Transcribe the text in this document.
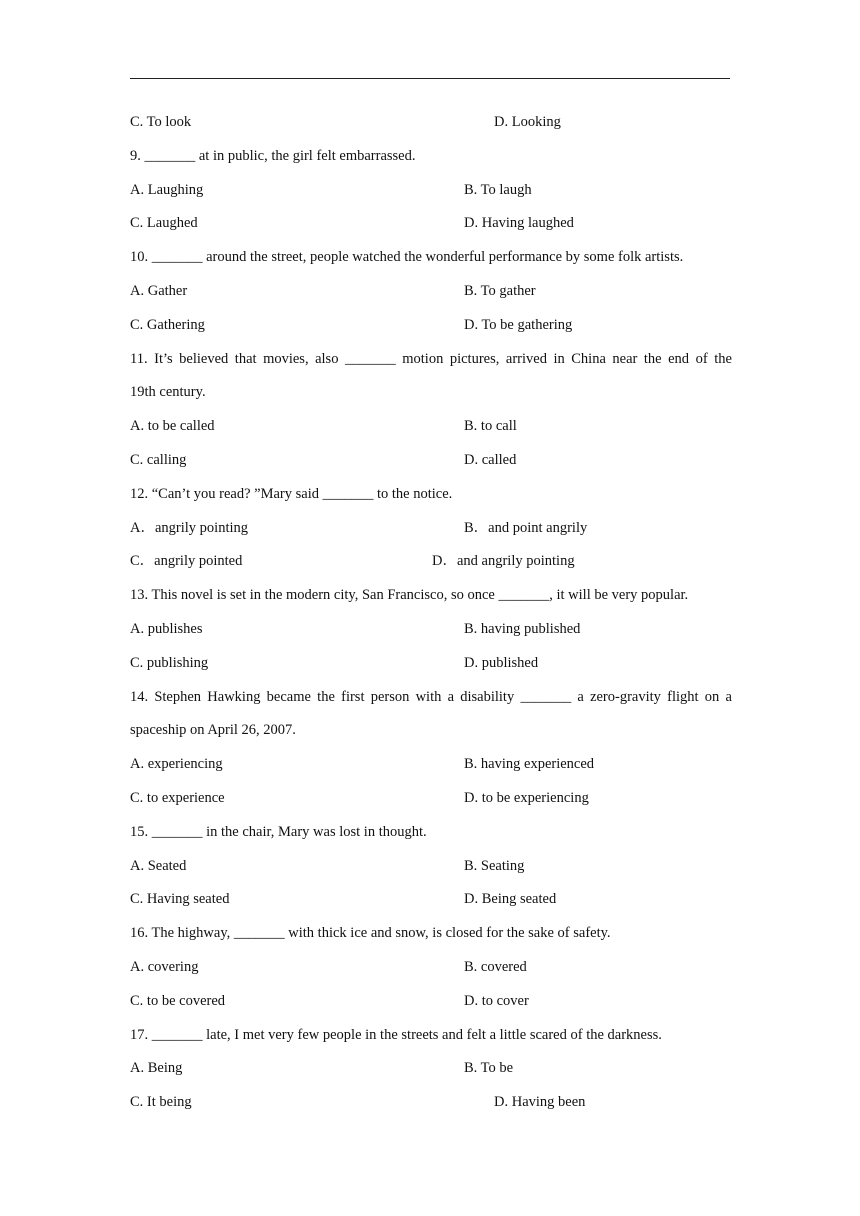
C. To look	D. Looking
9. _______ at in public, the girl felt embarrassed.
A. Laughing	B. To laugh
C. Laughed	D. Having laughed
10. _______ around the street, people watched the wonderful performance by some folk artists.
A. Gather	B. To gather
C. Gathering	D. To be gathering
11. It’s believed that movies, also _______ motion pictures, arrived in China near the end of the
19th century.
A. to be called	B. to call
C. calling	D. called
12. “Can’t you read? ”Mary said _______ to the notice.
A．angrily pointing	B．and point angrily
C．angrily pointed	D．and angrily pointing
13. This novel is set in the modern city, San Francisco, so once _______, it will be very popular.
A. publishes	B. having published
C. publishing	D. published
14. Stephen Hawking became the first person with a disability _______ a zero-gravity flight on a
spaceship on April 26, 2007.
A. experiencing	B. having experienced
C. to experience	D. to be experiencing
15. _______ in the chair, Mary was lost in thought.
A. Seated	B. Seating
C. Having seated	D. Being seated
16. The highway, _______ with thick ice and snow, is closed for the sake of safety.
A. covering	B. covered
C. to be covered	D. to cover
17. _______ late, I met very few people in the streets and felt a little scared of the darkness.
A. Being	B. To be
C. It being	D. Having been
